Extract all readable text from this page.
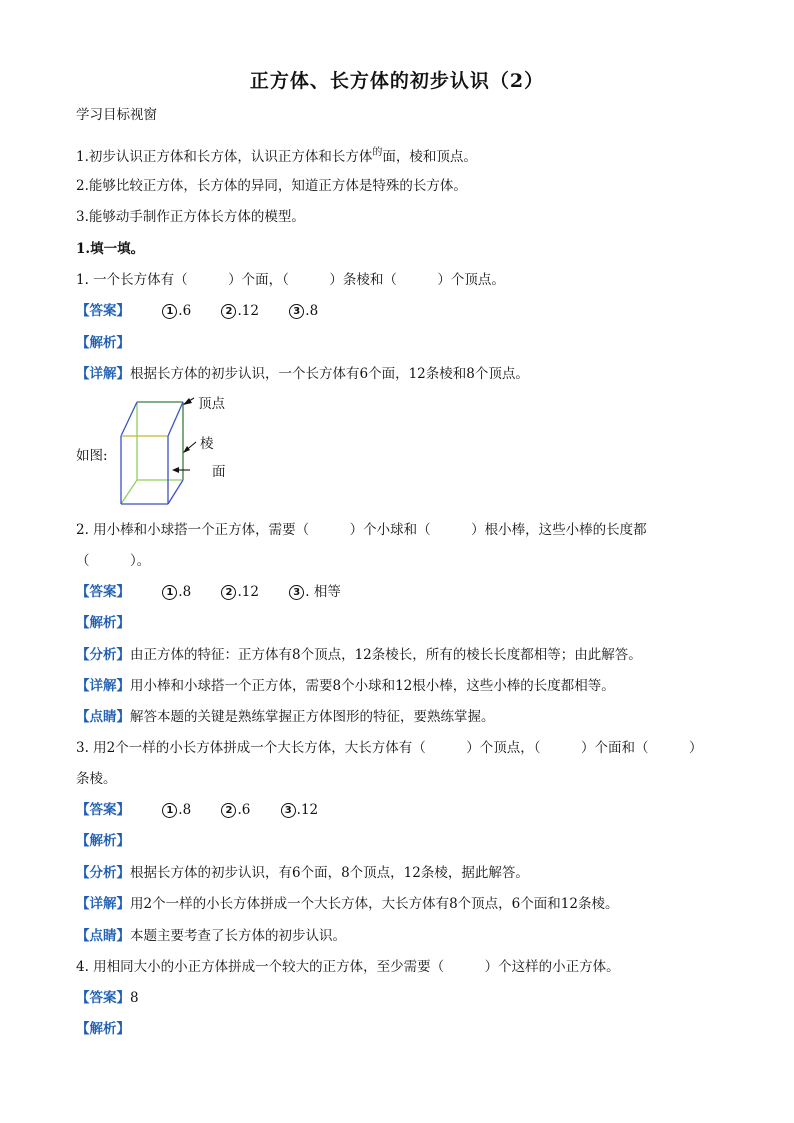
正方体、长方体的初步认识（2）
学习目标视窗
1.初步认识正方体和长方体，认识正方体和长方体$^的$面，棱和顶点。
2.能够比较正方体，长方体的异同，知道正方体是特殊的长方体。
3.能够动手制作正方体长方体的模型。
1.填一填。
1. 一个长方体有（　　　）个面，（　　　）条棱和（　　　）个顶点。
【答案】	1 .6	2 .12	3 .8
【解析】
【详解】根据长方体的初步认识，一个长方体有6个面，12条棱和8个顶点。
如图:
顶点
棱
面
2. 用小棒和小球搭一个正方体，需要（　　　）个小球和（　　　）根小棒，这些小棒的长度都
（　　　）。
【答案】	1 .8	2 .12	3 . 相等
【解析】
【分析】由正方体的特征：正方体有8个顶点，12条棱长，所有的棱长长度都相等；由此解答。
【详解】用小棒和小球搭一个正方体，需要8个小球和12根小棒，这些小棒的长度都相等。
【点睛】解答本题的关键是熟练掌握正方体图形的特征，要熟练掌握。
3. 用2个一样的小长方体拼成一个大长方体，大长方体有（　　　）个顶点，（　　　）个面和（　　　）
条棱。
【答案】	1 .8	2 .6	3 .12
【解析】
【分析】根据长方体的初步认识，有6个面，8个顶点，12条棱，据此解答。
【详解】用2个一样的小长方体拼成一个大长方体，大长方体有8个顶点，6个面和12条棱。
【点睛】本题主要考查了长方体的初步认识。
4. 用相同大小的小正方体拼成一个较大的正方体，至少需要（　　　）个这样的小正方体。
【答案】8
【解析】
